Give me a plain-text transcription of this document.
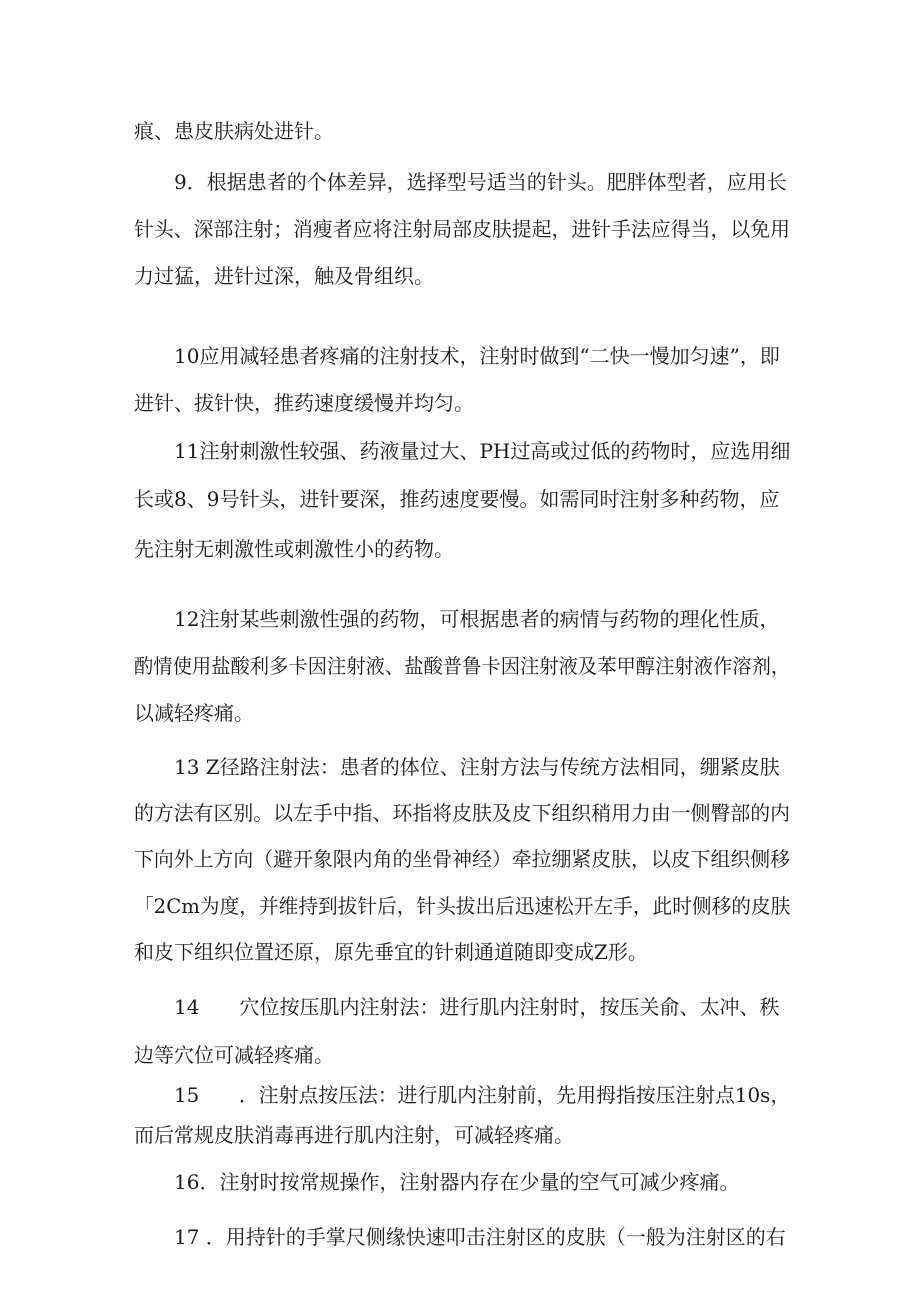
痕、患皮肤病处进针。
9．根据患者的个体差异，选择型号适当的针头。肥胖体型者，应用长
针头、深部注射；消瘦者应将注射局部皮肤提起，进针手法应得当，以免用
力过猛，进针过深，触及骨组织。
10应用减轻患者疼痛的注射技术，注射时做到“二快一慢加匀速”，即
进针、拔针快，推药速度缓慢并均匀。
11注射刺激性较强、药液量过大、PH过高或过低的药物时，应选用细
长或8、9号针头，进针要深，推药速度要慢。如需同时注射多种药物，应
先注射无刺激性或刺激性小的药物。
12注射某些刺激性强的药物，可根据患者的病情与药物的理化性质，
酌情使用盐酸利多卡因注射液、盐酸普鲁卡因注射液及苯甲醇注射液作溶剂，
以减轻疼痛。
13 Z径路注射法：患者的体位、注射方法与传统方法相同，绷紧皮肤
的方法有区别。以左手中指、环指将皮肤及皮下组织稍用力由一侧臀部的内
下向外上方向（避开象限内角的坐骨神经）牵拉绷紧皮肤，以皮下组织侧移
「2Cm为度，并维持到拔针后，针头拔出后迅速松开左手，此时侧移的皮肤
和皮下组织位置还原，原先垂宜的针刺通道随即变成Z形。
14　　穴位按压肌内注射法：进行肌内注射时，按压关俞、太冲、秩
边等穴位可减轻疼痛。
15　　．注射点按压法：进行肌内注射前，先用拇指按压注射点10s，
而后常规皮肤消毒再进行肌内注射，可减轻疼痛。
16．注射时按常规操作，注射器内存在少量的空气可减少疼痛。
17 ．用持针的手掌尺侧缘快速叩击注射区的皮肤（一般为注射区的右
